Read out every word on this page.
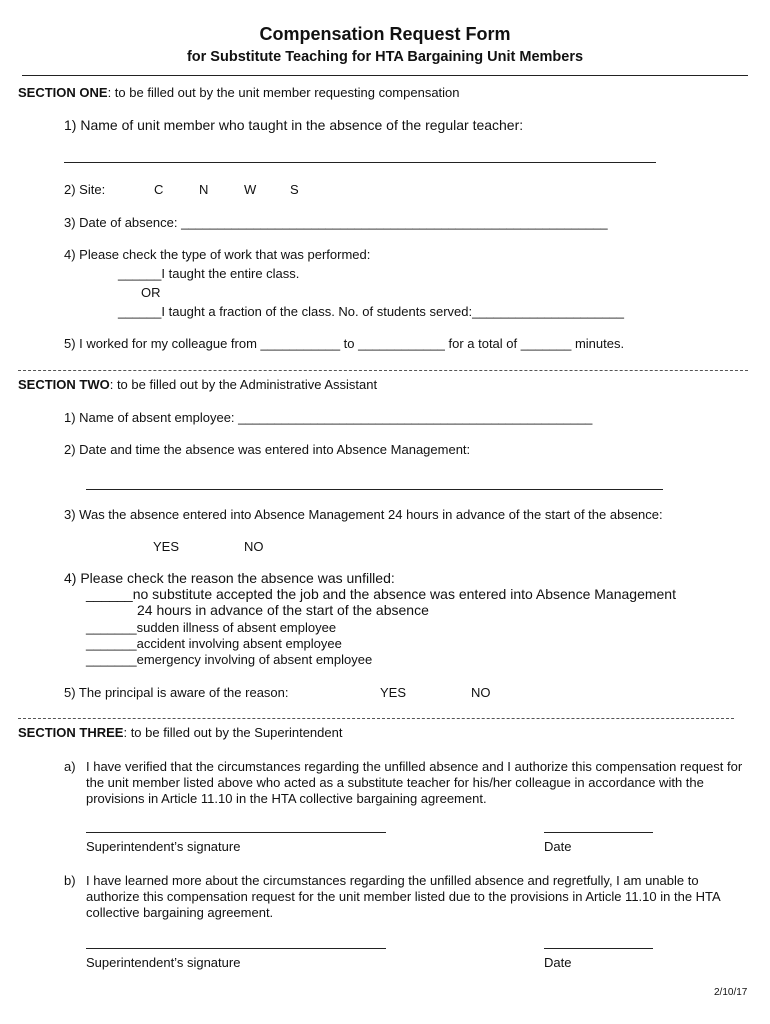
Compensation Request Form
for Substitute Teaching for HTA Bargaining Unit Members
SECTION ONE: to be filled out by the unit member requesting compensation
1) Name of unit member who taught in the absence of the regular teacher:
2) Site:	C	N	W	S
3) Date of absence: ___________________________________________________________
4) Please check the type of work that was performed:
______I taught the entire class.
OR
______I taught a fraction of the class. No. of students served:_____________________
5) I worked for my colleague from ___________ to ____________ for a total of _______ minutes.
SECTION TWO: to be filled out by the Administrative Assistant
1) Name of absent employee: _________________________________________________
2) Date and time the absence was entered into Absence Management:
3) Was the absence entered into Absence Management 24 hours in advance of the start of the absence:
YES	NO
4) Please check the reason the absence was unfilled:
______no substitute accepted the job and the absence was entered into Absence Management
24 hours in advance of the start of the absence
_______sudden illness of absent employee
_______accident involving absent employee
_______emergency involving of absent employee
5) The principal is aware of the reason:	YES	NO
SECTION THREE: to be filled out by the Superintendent
a) I have verified that the circumstances regarding the unfilled absence and I authorize this compensation request for the unit member listed above who acted as a substitute teacher for his/her colleague in accordance with the provisions in Article 11.10 in the HTA collective bargaining agreement.
Superintendent’s signature	Date
b) I have learned more about the circumstances regarding the unfilled absence and regretfully, I am unable to authorize this compensation request for the unit member listed due to the provisions in Article 11.10 in the HTA collective bargaining agreement.
Superintendent’s signature	Date
2/10/17
